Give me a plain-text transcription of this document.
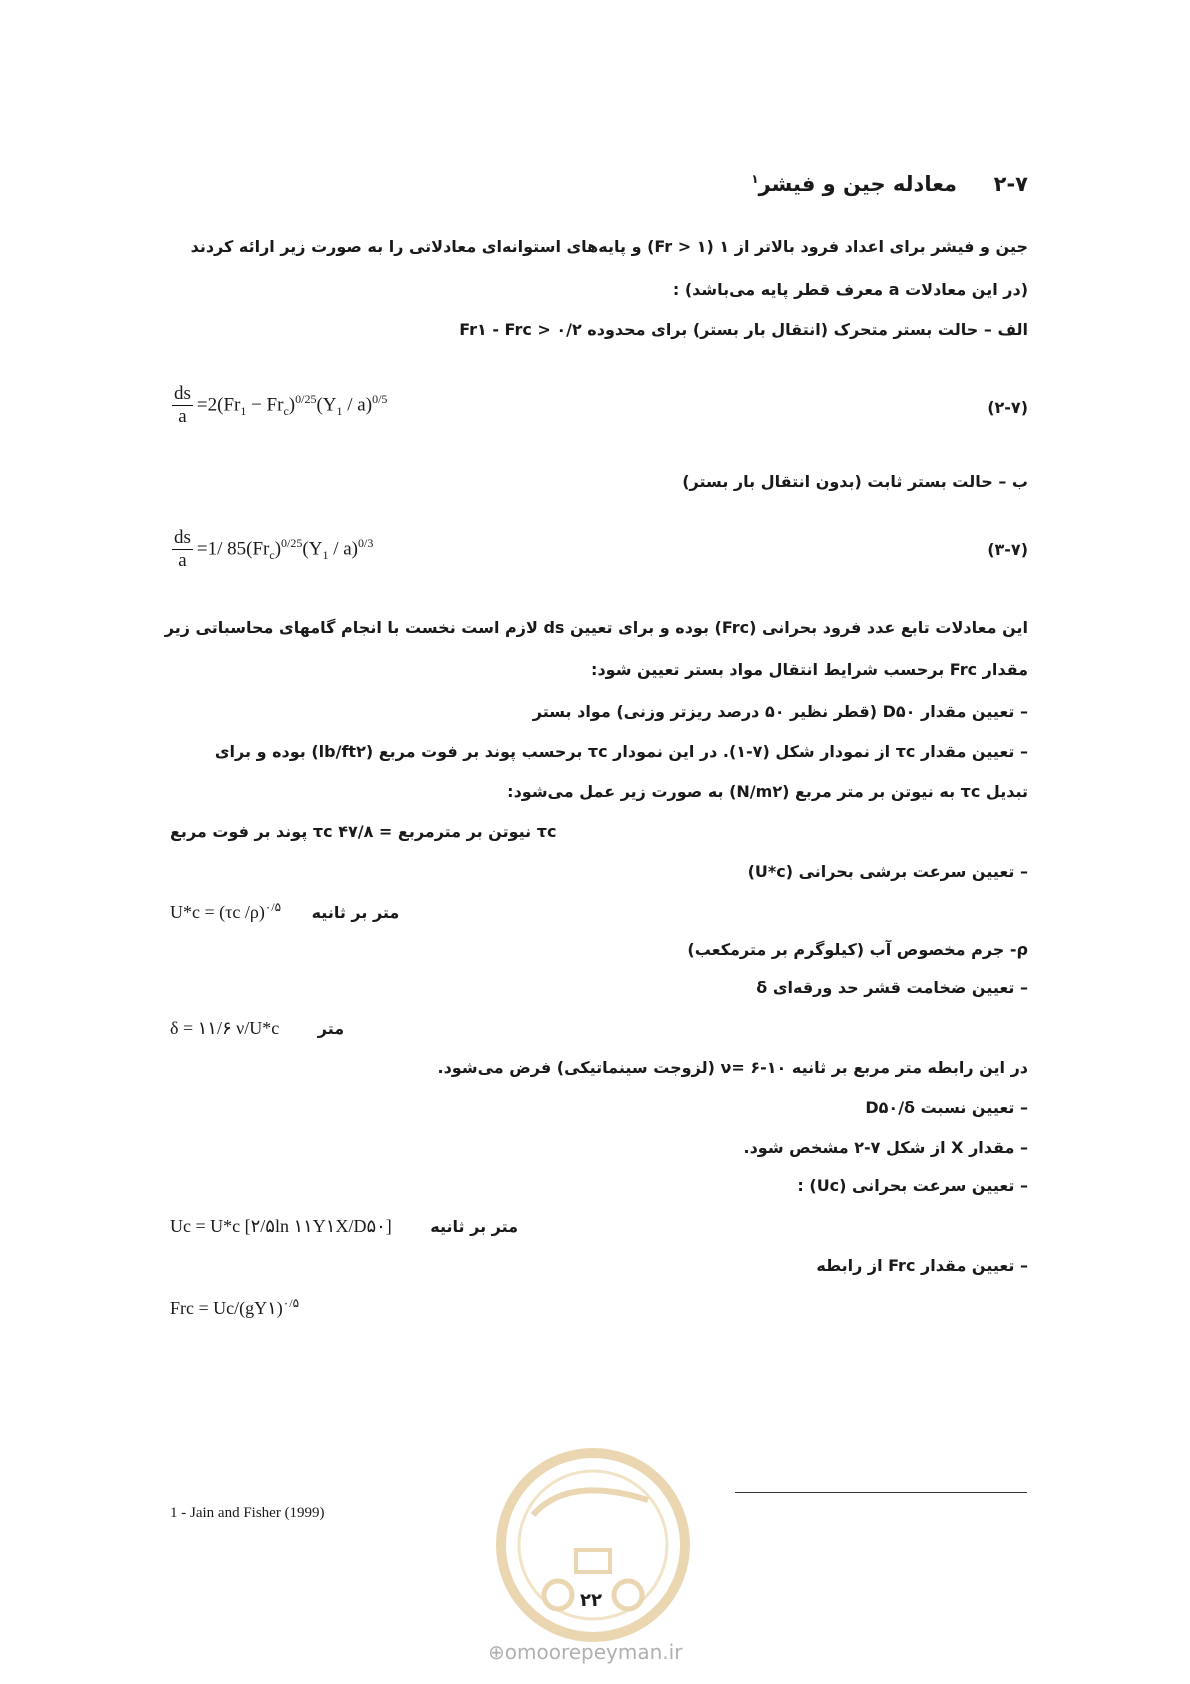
۲-۷     معادله جین و فیشر$^۱$
جین و فیشر برای اعداد فرود بالاتر از ۱ (Fr > ۱) و پایه‌های استوانه‌ای معادلاتی را به صورت زیر ارائه کردند
(در این معادلات a معرف قطر پایه می‌باشد) :
الف – حالت بستر متحرک (انتقال بار بستر) برای محدوده Fr۱ - Frc > ۰/۲
$\frac{ds}{a} =2(Fr_1 - Fr_c)^{0/25}(Y_1 / a)^{0/5}$	(۲-۷)
ب – حالت بستر ثابت (بدون انتقال بار بستر)
$\frac{ds}{a} =1/$ $85(Fr_c)^{0/25}(Y_1 / a)^{0/3}$	(۳-۷)
این معادلات تابع عدد فرود بحرانی (Frc) بوده و برای تعیین ds لازم است نخست با انجام گامهای محاسباتی زیر
مقدار Frc برحسب شرایط انتقال مواد بستر تعیین شود:
– تعیین مقدار D۵۰ (قطر نظیر ۵۰ درصد ریزتر وزنی) مواد بستر
– تعیین مقدار τc از نمودار شکل (۷-۱). در این نمودار τc برحسب پوند بر فوت مربع (lb/ft۲) بوده و برای
تبدیل τc به نیوتن بر متر مربع (N/m۲) به صورت زیر عمل می‌شود:
τc نیوتن بر مترمربع = ۴۷/۸ τc پوند بر فوت مربع
– تعیین سرعت برشی بحرانی (U*c)
U*c = (τc /ρ)$^{۰/۵}$ متر بر ثانیه
ρ- جرم مخصوص آب (کیلوگرم بر مترمکعب)
– تعیین ضخامت قشر حد ورقه‌ای δ
δ = ۱۱/۶ ν/U*c متر
در این رابطه متر مربع بر ثانیه ۱۰-۶ =ν (لزوجت سینماتیکی) فرض می‌شود.
– تعیین نسبت D۵۰/δ
– مقدار X از شکل ۷-۲ مشخص شود.
– تعیین سرعت بحرانی (Uc) :
Uc = U*c [۲/۵ln ۱۱Y۱X/D۵۰] متر بر ثانیه
– تعیین مقدار Frc از رابطه
Frc = Uc/(gY۱)$^{۰/۵}$
1 - Jain and Fisher (1999)
۲۲
⊕omoorepeyman.ir
